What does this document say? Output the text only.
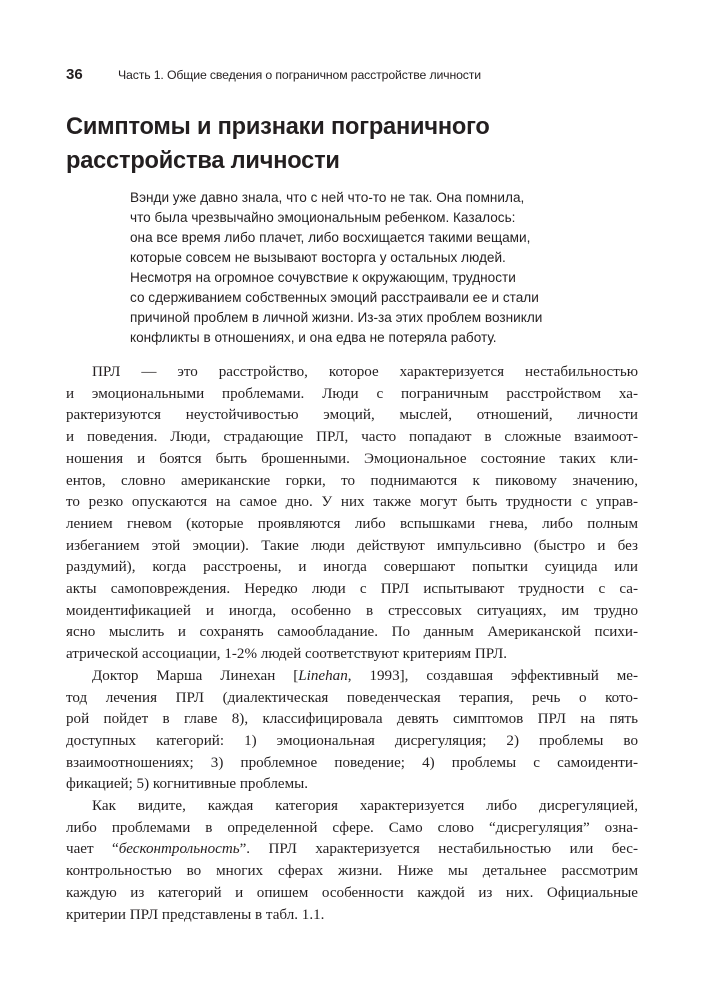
36	Часть 1. Общие сведения о пограничном расстройстве личности
Симптомы и признаки пограничного
расстройства личности
Вэнди уже давно знала, что с ней что-то не так. Она помнила,
что была чрезвычайно эмоциональным ребенком. Казалось:
она все время либо плачет, либо восхищается такими вещами,
которые совсем не вызывают восторга у остальных людей.
Несмотря на огромное сочувствие к окружающим, трудности
со сдерживанием собственных эмоций расстраивали ее и стали
причиной проблем в личной жизни. Из-за этих проблем возникли
конфликты в отношениях, и она едва не потеряла работу.
ПРЛ — это расстройство, которое характеризуется нестабильностью
и эмоциональными проблемами. Люди с пограничным расстройством ха-
рактеризуются неустойчивостью эмоций, мыслей, отношений, личности
и поведения. Люди, страдающие ПРЛ, часто попадают в сложные взаимоот-
ношения и боятся быть брошенными. Эмоциональное состояние таких кли-
ентов, словно американские горки, то поднимаются к пиковому значению,
то резко опускаются на самое дно. У них также могут быть трудности с управ-
лением гневом (которые проявляются либо вспышками гнева, либо полным
избеганием этой эмоции). Такие люди действуют импульсивно (быстро и без
раздумий), когда расстроены, и иногда совершают попытки суицида или
акты самоповреждения. Нередко люди с ПРЛ испытывают трудности с са-
моидентификацией и иногда, особенно в стрессовых ситуациях, им трудно
ясно мыслить и сохранять самообладание. По данным Американской психи-
атрической ассоциации, 1-2% людей соответствуют критериям ПРЛ.
Доктор Марша Линехан [Linehan, 1993], создавшая эффективный ме-
тод лечения ПРЛ (диалектическая поведенческая терапия, речь о кото-
рой пойдет в главе 8), классифицировала девять симптомов ПРЛ на пять
доступных категорий: 1) эмоциональная дисрегуляция; 2) проблемы во
взаимоотношениях; 3) проблемное поведение; 4) проблемы с самоиденти-
фикацией; 5) когнитивные проблемы.
Как видите, каждая категория характеризуется либо дисрегуляцией,
либо проблемами в определенной сфере. Само слово “дисрегуляция” озна-
чает “бесконтрольность”. ПРЛ характеризуется нестабильностью или бес-
контрольностью во многих сферах жизни. Ниже мы детальнее рассмотрим
каждую из категорий и опишем особенности каждой из них. Официальные
критерии ПРЛ представлены в табл. 1.1.
